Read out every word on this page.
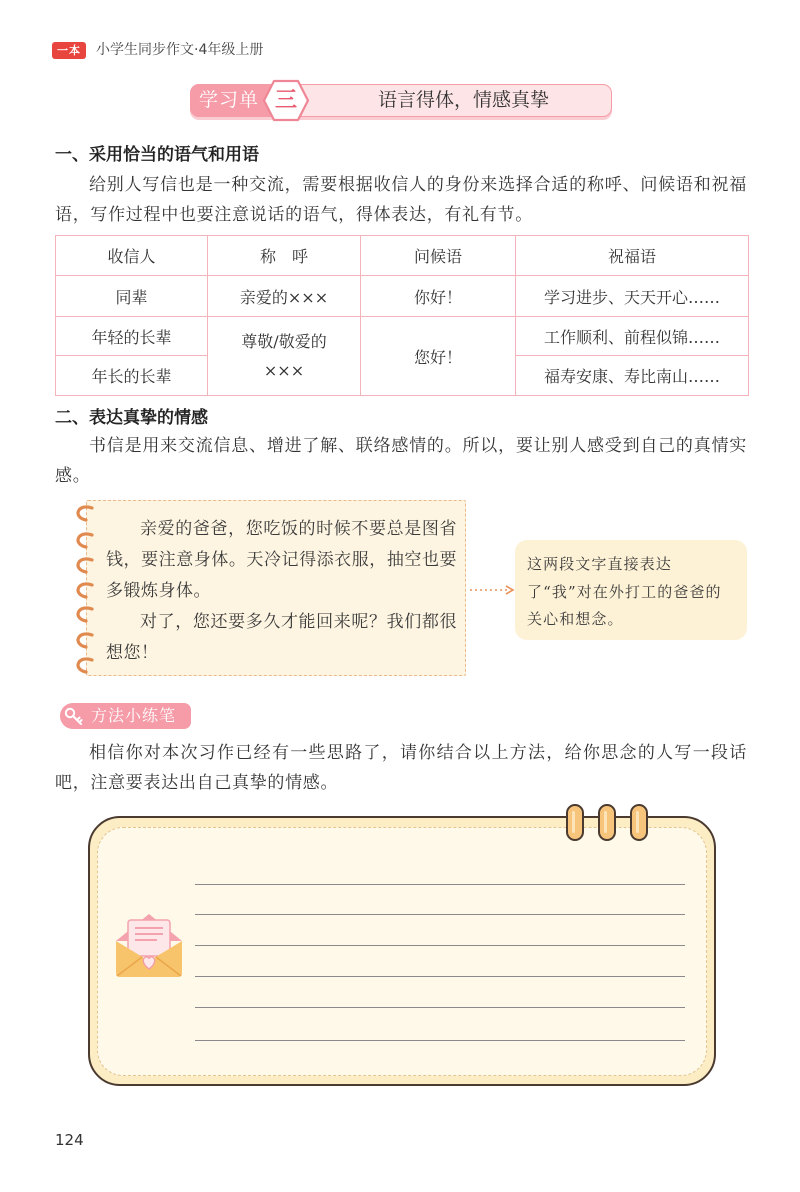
一本	小学生同步作文·4年级上册
学习单 三	语言得体，情感真挚
一、采用恰当的语气和用语

给别人写信也是一种交流，需要根据收信人的身份来选择合适的称呼、问候语和祝福语，写作过程中也要注意说话的语气，得体表达，有礼有节。

收信人	称　呼	问候语	祝福语
同辈	亲爱的×××	你好！	学习进步、天天开心……
年轻的长辈	尊敬/敬爱的×××	您好！	工作顺利、前程似锦……
年长的长辈			福寿安康、寿比南山……
二、表达真挚的情感

书信是用来交流信息、增进了解、联络感情的。所以，要让别人感受到自己的真情实感。

亲爱的爸爸，您吃饭的时候不要总是图省钱，要注意身体。天冷记得添衣服，抽空也要多锻炼身体。

对了，您还要多久才能回来呢？我们都很想您！

这两段文字直接表达了“我”对在外打工的爸爸的关心和想念。

方法小练笔

相信你对本次习作已经有一些思路了，请你结合以上方法，给你思念的人写一段话吧，注意要表达出自己真挚的情感。

124
